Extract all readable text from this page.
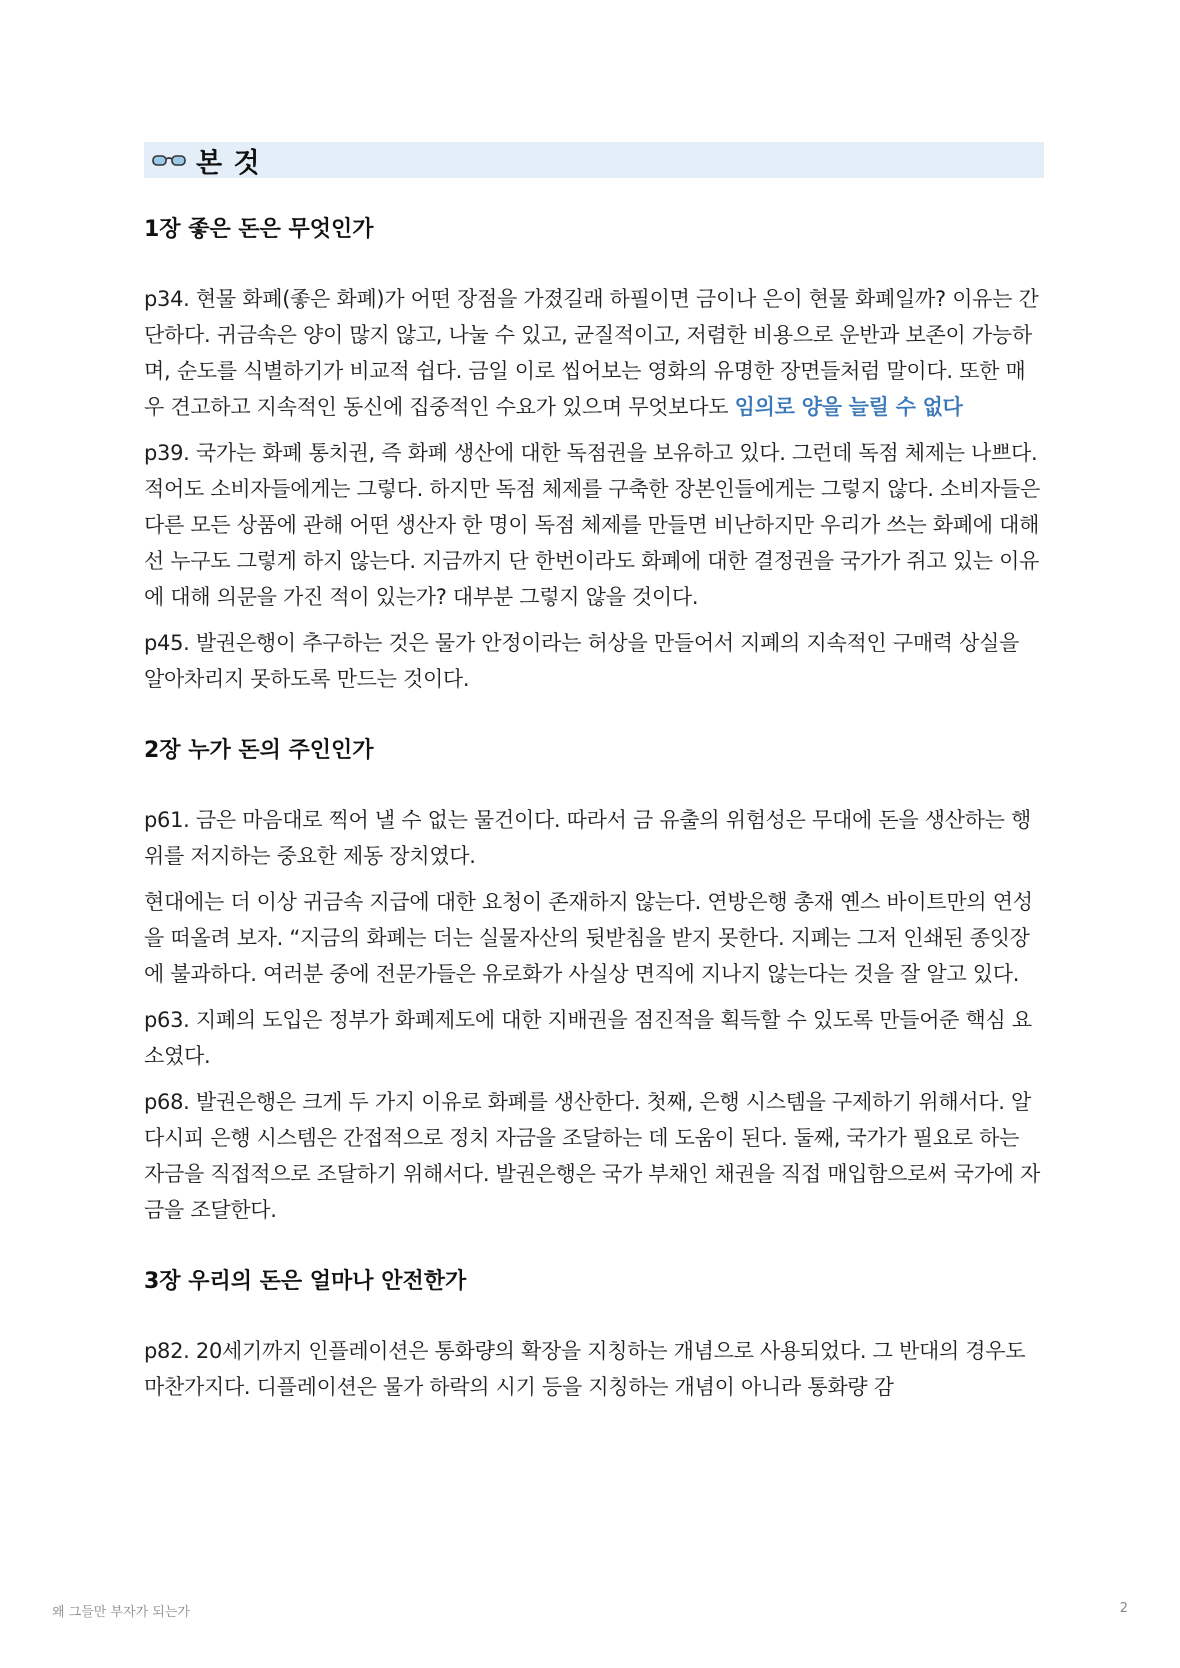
본 것
1장 좋은 돈은 무엇인가

p34. 현물 화폐(좋은 화폐)가 어떤 장점을 가졌길래 하필이면 금이나 은이 현물 화폐일까? 이유는 간단하다. 귀금속은 양이 많지 않고, 나눌 수 있고, 균질적이고, 저렴한 비용으로 운반과 보존이 가능하며, 순도를 식별하기가 비교적 쉽다. 금일 이로 씹어보는 영화의 유명한 장면들처럼 말이다. 또한 매우 견고하고 지속적인 동신에 집중적인 수요가 있으며 무엇보다도 임의로 양을 늘릴 수 없다

p39. 국가는 화폐 통치권, 즉 화폐 생산에 대한 독점권을 보유하고 있다. 그런데 독점 체제는 나쁘다. 적어도 소비자들에게는 그렇다. 하지만 독점 체제를 구축한 장본인들에게는 그렇지 않다. 소비자들은 다른 모든 상품에 관해 어떤 생산자 한 명이 독점 체제를 만들면 비난하지만 우리가 쓰는 화폐에 대해선 누구도 그렇게 하지 않는다. 지금까지 단 한번이라도 화폐에 대한 결정권을 국가가 쥐고 있는 이유에 대해 의문을 가진 적이 있는가? 대부분 그렇지 않을 것이다.

p45. 발권은행이 추구하는 것은 물가 안정이라는 허상을 만들어서 지폐의 지속적인 구매력 상실을 알아차리지 못하도록 만드는 것이다.

2장 누가 돈의 주인인가

p61. 금은 마음대로 찍어 낼 수 없는 물건이다. 따라서 금 유출의 위험성은 무대에 돈을 생산하는 행위를 저지하는 중요한 제동 장치였다.

현대에는 더 이상 귀금속 지급에 대한 요청이 존재하지 않는다. 연방은행 총재 옌스 바이트만의 연성을 떠올려 보자. “지금의 화폐는 더는 실물자산의 뒷받침을 받지 못한다. 지폐는 그저 인쇄된 종잇장에 불과하다. 여러분 중에 전문가들은 유로화가 사실상 면직에 지나지 않는다는 것을 잘 알고 있다.

p63. 지폐의 도입은 정부가 화폐제도에 대한 지배권을 점진적을 획득할 수 있도록 만들어준 핵심 요소였다.

p68. 발권은행은 크게 두 가지 이유로 화폐를 생산한다. 첫째, 은행 시스템을 구제하기 위해서다. 알다시피 은행 시스템은 간접적으로 정치 자금을 조달하는 데 도움이 된다. 둘째, 국가가 필요로 하는 자금을 직접적으로 조달하기 위해서다. 발권은행은 국가 부채인 채권을 직접 매입함으로써 국가에 자금을 조달한다.

3장 우리의 돈은 얼마나 안전한가

p82. 20세기까지 인플레이션은 통화량의 확장을 지칭하는 개념으로 사용되었다. 그 반대의 경우도 마찬가지다. 디플레이션은 물가 하락의 시기 등을 지칭하는 개념이 아니라 통화량 감

왜 그들만 부자가 되는가	2
